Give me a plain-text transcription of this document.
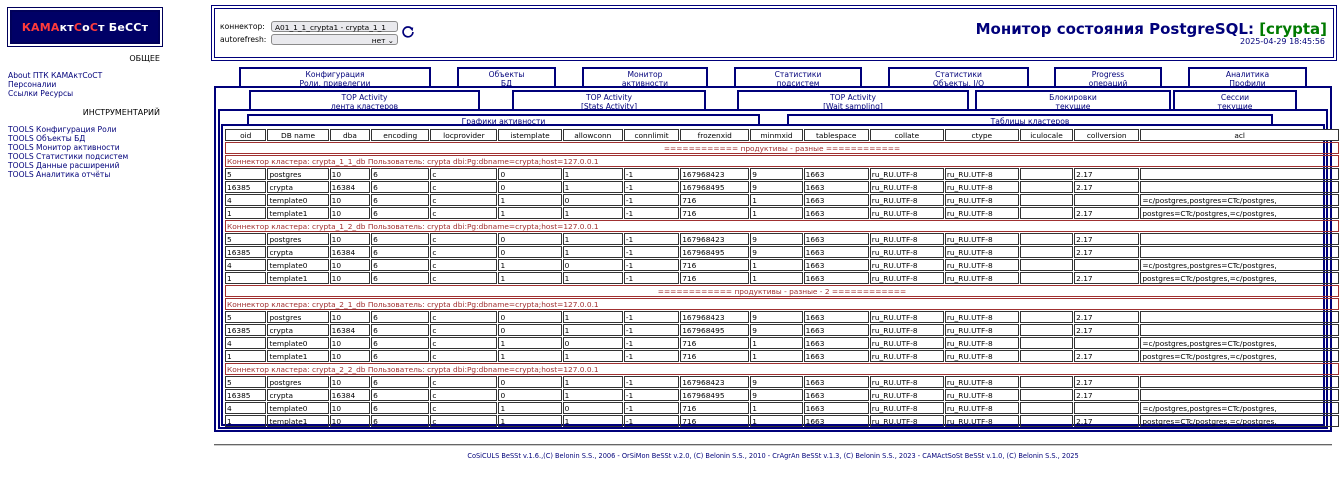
КАМА кт С о С т БеССт
ОБЩЕЕ
About ПТК КАМАктСоСТ
Персоналии
Ссылки Ресурсы
ИНСТРУМЕНТАРИЙ
TOOLS Конфигурация Роли
TOOLS Объекты БД
TOOLS Монитор активности
TOOLS Статистики подсистем
TOOLS Данные расширений
TOOLS Аналитика отчёты
коннектор:	A01_1_1_crypta1 - crypta_1_1
autorefresh:	нет ⌄
Монитор состояния PostgreSQL: [crypta]
2025-04-29 18:45:56
Конфигурация
Роли, привелегии
Объекты
БД
Монитор
активности
Статистики
подсистем
Статистики
Объекты, I/O
Progress
операций
Аналитика
Профили
TOP Activity
лента кластеров
TOP Activity
[Stats Activity]
TOP Activity
[Wait sampling]
Блокировки
текущие
Сессии
текущие
Графики активности	Таблицы кластеров
oid	DB name	dba	encoding	locprovider	istemplate	allowconn	connlimit	frozenxid	minmxid	tablespace	collate	ctype	iculocale	collversion	acl
============ продуктивы - разные ============															
Коннектор кластера: crypta_1_1_db Пользователь: crypta dbi:Pg:dbname=crypta;host=127.0.0.1															
5	postgres	10	6	c	0	1	-1	167968423	9	1663	ru_RU.UTF-8	ru_RU.UTF-8		2.17	
16385	crypta	16384	6	c	0	1	-1	167968495	9	1663	ru_RU.UTF-8	ru_RU.UTF-8		2.17	
4	template0	10	6	c	1	0	-1	716	1	1663	ru_RU.UTF-8	ru_RU.UTF-8			=c/postgres,postgres=CTc/postgres,
1	template1	10	6	c	1	1	-1	716	1	1663	ru_RU.UTF-8	ru_RU.UTF-8		2.17	postgres=CTc/postgres,=c/postgres,
Коннектор кластера: crypta_1_2_db Пользователь: crypta dbi:Pg:dbname=crypta;host=127.0.0.1															
5	postgres	10	6	c	0	1	-1	167968423	9	1663	ru_RU.UTF-8	ru_RU.UTF-8		2.17	
16385	crypta	16384	6	c	0	1	-1	167968495	9	1663	ru_RU.UTF-8	ru_RU.UTF-8		2.17	
4	template0	10	6	c	1	0	-1	716	1	1663	ru_RU.UTF-8	ru_RU.UTF-8			=c/postgres,postgres=CTc/postgres,
1	template1	10	6	c	1	1	-1	716	1	1663	ru_RU.UTF-8	ru_RU.UTF-8		2.17	postgres=CTc/postgres,=c/postgres,
============ продуктивы - разные - 2 ============															
Коннектор кластера: crypta_2_1_db Пользователь: crypta dbi:Pg:dbname=crypta;host=127.0.0.1															
5	postgres	10	6	c	0	1	-1	167968423	9	1663	ru_RU.UTF-8	ru_RU.UTF-8		2.17	
16385	crypta	16384	6	c	0	1	-1	167968495	9	1663	ru_RU.UTF-8	ru_RU.UTF-8		2.17	
4	template0	10	6	c	1	0	-1	716	1	1663	ru_RU.UTF-8	ru_RU.UTF-8			=c/postgres,postgres=CTc/postgres,
1	template1	10	6	c	1	1	-1	716	1	1663	ru_RU.UTF-8	ru_RU.UTF-8		2.17	postgres=CTc/postgres,=c/postgres,
Коннектор кластера: crypta_2_2_db Пользователь: crypta dbi:Pg:dbname=crypta;host=127.0.0.1															
5	postgres	10	6	c	0	1	-1	167968423	9	1663	ru_RU.UTF-8	ru_RU.UTF-8		2.17	
16385	crypta	16384	6	c	0	1	-1	167968495	9	1663	ru_RU.UTF-8	ru_RU.UTF-8		2.17	
4	template0	10	6	c	1	0	-1	716	1	1663	ru_RU.UTF-8	ru_RU.UTF-8			=c/postgres,postgres=CTc/postgres,
1	template1	10	6	c	1	1	-1	716	1	1663	ru_RU.UTF-8	ru_RU.UTF-8		2.17	postgres=CTc/postgres,=c/postgres,
CoSiCULS BeSSt v.1.6.,(C) Belonin S.S., 2006 - OrSiMon BeSSt v.2.0, (C) Belonin S.S., 2010 - CrAgrAn BeSSt v.1.3, (C) Belonin S.S., 2023 - CAMActSoSt BeSSt v.1.0, (C) Belonin S.S., 2025
